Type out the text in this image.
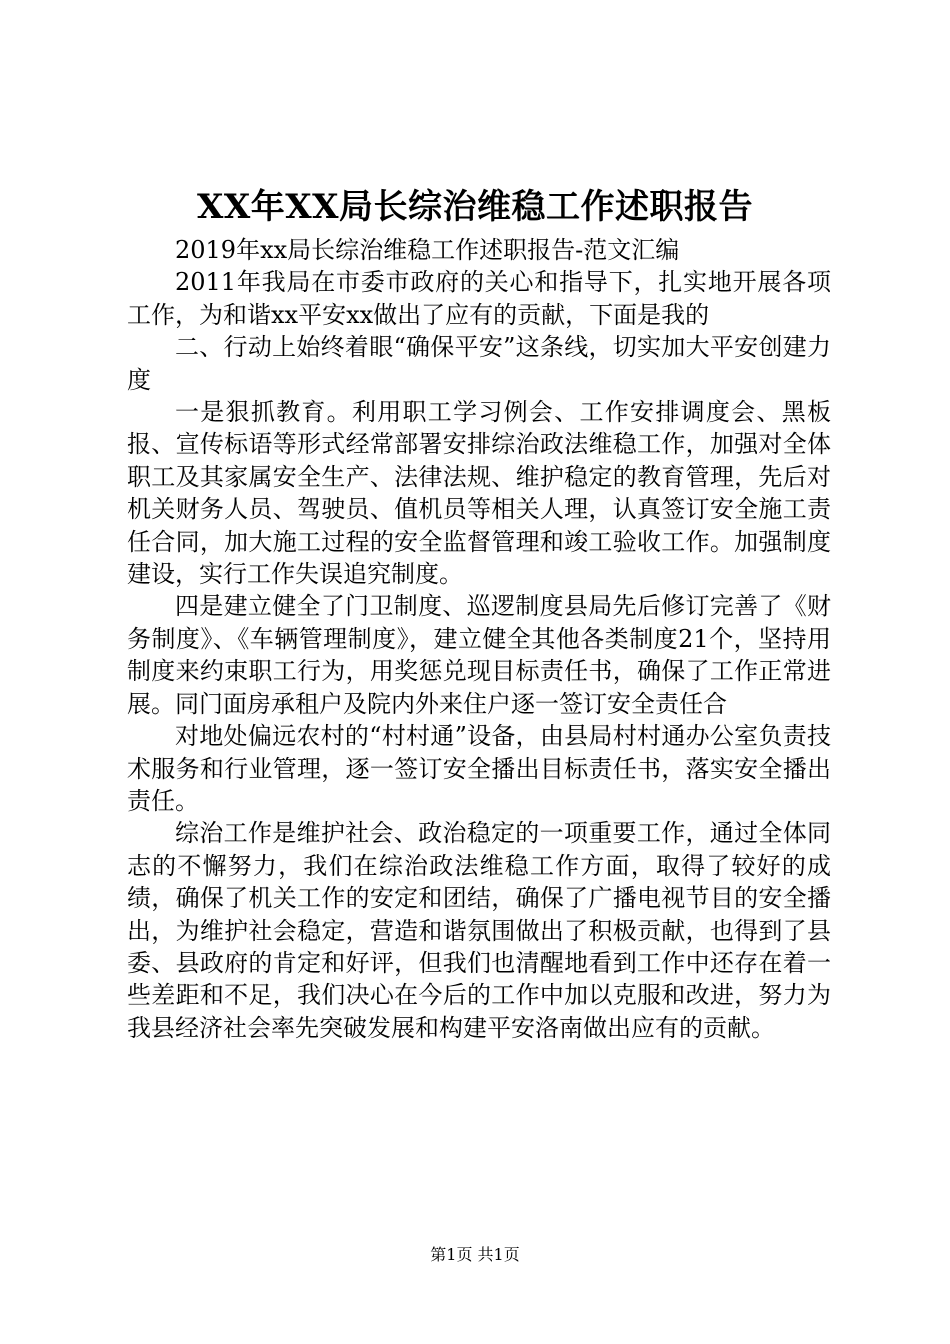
XX年XX局长综治维稳工作述职报告

2019年xx局长综治维稳工作述职报告-范文汇编

2011年我局在市委市政府的关心和指导下，扎实地开展各项工作，为和谐xx平安xx做出了应有的贡献，下面是我的

二、行动上始终着眼“确保平安”这条线，切实加大平安创建力度

一是狠抓教育。利用职工学习例会、工作安排调度会、黑板报、宣传标语等形式经常部署安排综治政法维稳工作，加强对全体职工及其家属安全生产、法律法规、维护稳定的教育管理，先后对机关财务人员、驾驶员、值机员等相关人理，认真签订安全施工责任合同，加大施工过程的安全监督管理和竣工验收工作。加强制度建设，实行工作失误追究制度。

四是建立健全了门卫制度、巡逻制度县局先后修订完善了《财务制度》、《车辆管理制度》，建立健全其他各类制度21个，坚持用制度来约束职工行为，用奖惩兑现目标责任书，确保了工作正常进展。同门面房承租户及院内外来住户逐一签订安全责任合

对地处偏远农村的“村村通”设备，由县局村村通办公室负责技术服务和行业管理，逐一签订安全播出目标责任书，落实安全播出责任。

综治工作是维护社会、政治稳定的一项重要工作，通过全体同志的不懈努力，我们在综治政法维稳工作方面，取得了较好的成绩，确保了机关工作的安定和团结，确保了广播电视节目的安全播出，为维护社会稳定，营造和谐氛围做出了积极贡献，也得到了县委、县政府的肯定和好评，但我们也清醒地看到工作中还存在着一些差距和不足，我们决心在今后的工作中加以克服和改进，努力为我县经济社会率先突破发展和构建平安洛南做出应有的贡献。

第1页 共1页
